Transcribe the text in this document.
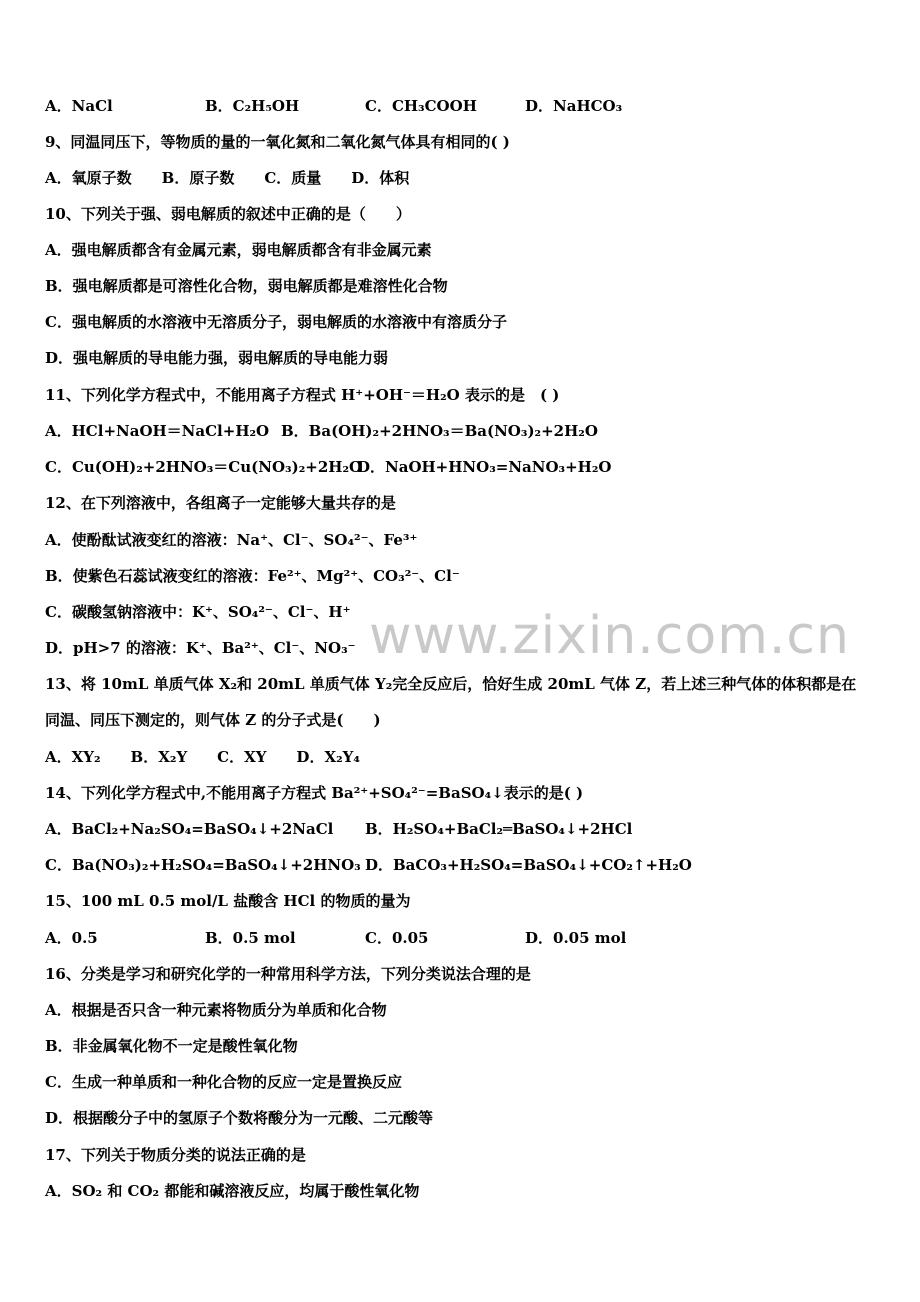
A．NaCl	B．C₂H₅OH	C．CH₃COOH	D．NaHCO₃
9、同温同压下，等物质的量的一氧化氮和二氧化氮气体具有相同的( )
A．氧原子数　　B．原子数　　C．质量　　D．体积
10、下列关于强、弱电解质的叙述中正确的是（　　）
A．强电解质都含有金属元素，弱电解质都含有非金属元素
B．强电解质都是可溶性化合物，弱电解质都是难溶性化合物
C．强电解质的水溶液中无溶质分子，弱电解质的水溶液中有溶质分子
D．强电解质的导电能力强，弱电解质的导电能力弱
11、下列化学方程式中，不能用离子方程式 H⁺+OH⁻＝H₂O 表示的是　( )
A．HCl+NaOH＝NaCl+H₂O B．Ba(OH)₂+2HNO₃＝Ba(NO₃)₂+2H₂O
C．Cu(OH)₂+2HNO₃＝Cu(NO₃)₂+2H₂O
D．NaOH+HNO₃=NaNO₃+H₂O
12、在下列溶液中，各组离子一定能够大量共存的是
A．使酚酞试液变红的溶液：Na⁺、Cl⁻、SO₄²⁻、Fe³⁺
B．使紫色石蕊试液变红的溶液：Fe²⁺、Mg²⁺、CO₃²⁻、Cl⁻
C．碳酸氢钠溶液中：K⁺、SO₄²⁻、Cl⁻、H⁺
D．pH>7 的溶液：K⁺、Ba²⁺、Cl⁻、NO₃⁻ www.zixin.com.cn
13、将 10mL 单质气体 X₂和 20mL 单质气体 Y₂完全反应后，恰好生成 20mL 气体 Z，若上述三种气体的体积都是在
同温、同压下测定的，则气体 Z 的分子式是(　　)
A．XY₂　　B．X₂Y　　C．XY　　D．X₂Y₄
14、下列化学方程式中,不能用离子方程式 Ba²⁺+SO₄²⁻=BaSO₄↓表示的是( )
A．BaCl₂+Na₂SO₄=BaSO₄↓+2NaCl B．H₂SO₄+BaCl₂═BaSO₄↓+2HCl
C．Ba(NO₃)₂+H₂SO₄=BaSO₄↓+2HNO₃ D．BaCO₃+H₂SO₄=BaSO₄↓+CO₂↑+H₂O
15、100 mL 0.5 mol/L 盐酸含 HCl 的物质的量为
A．0.5	B．0.5 mol	C．0.05	D．0.05 mol
16、分类是学习和研究化学的一种常用科学方法，下列分类说法合理的是
A．根据是否只含一种元素将物质分为单质和化合物
B．非金属氧化物不一定是酸性氧化物
C．生成一种单质和一种化合物的反应一定是置换反应
D．根据酸分子中的氢原子个数将酸分为一元酸、二元酸等
17、下列关于物质分类的说法正确的是
A．SO₂ 和 CO₂ 都能和碱溶液反应，均属于酸性氧化物
